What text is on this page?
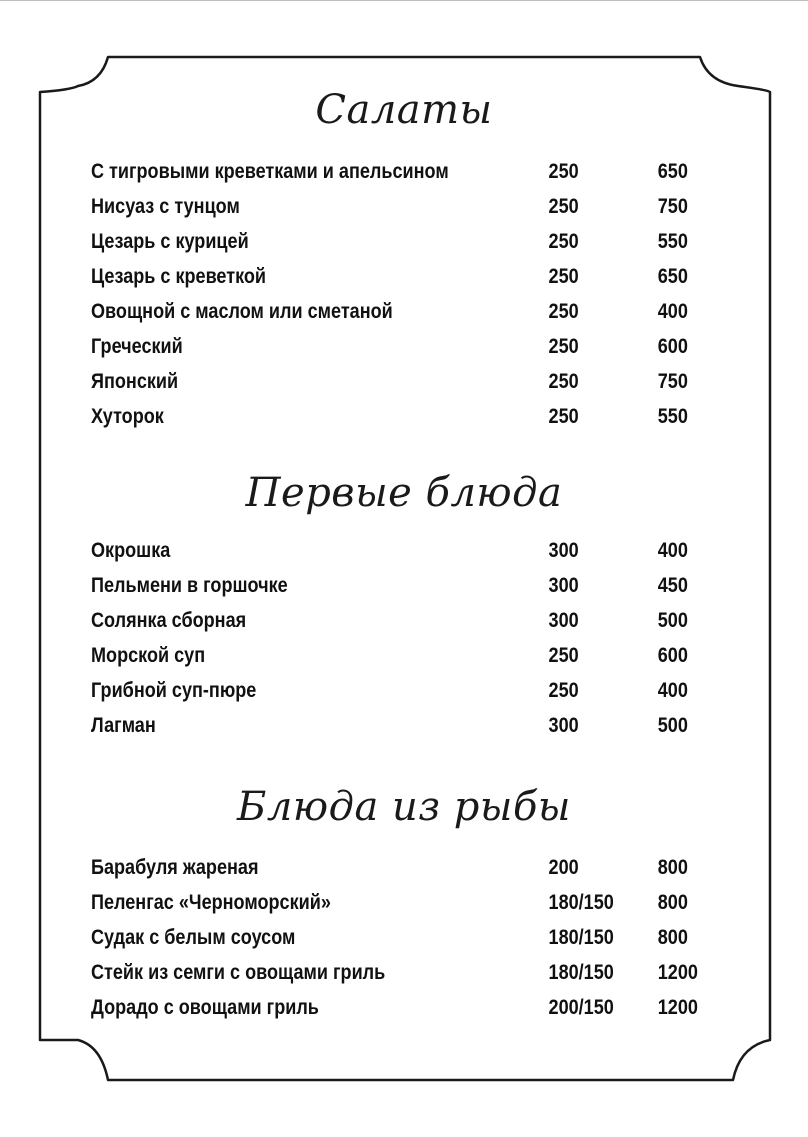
Салаты
С тигровыми креветками и апельсином	250	650
Нисуаз с тунцом	250	750
Цезарь с курицей	250	550
Цезарь с креветкой	250	650
Овощной с маслом или сметаной	250	400
Греческий	250	600
Японский	250	750
Хуторок	250	550
Первые блюда
Окрошка	300	400
Пельмени в горшочке	300	450
Солянка сборная	300	500
Морской суп	250	600
Грибной суп-пюре	250	400
Лагман	300	500
Блюда из рыбы
Барабуля жареная	200	800
Пеленгас «Черноморский»	180/150 800
Судак с белым соусом	180/150 800
Стейк из семги с овощами гриль	180/150 1200
Дорадо с овощами гриль	200/150 1200
